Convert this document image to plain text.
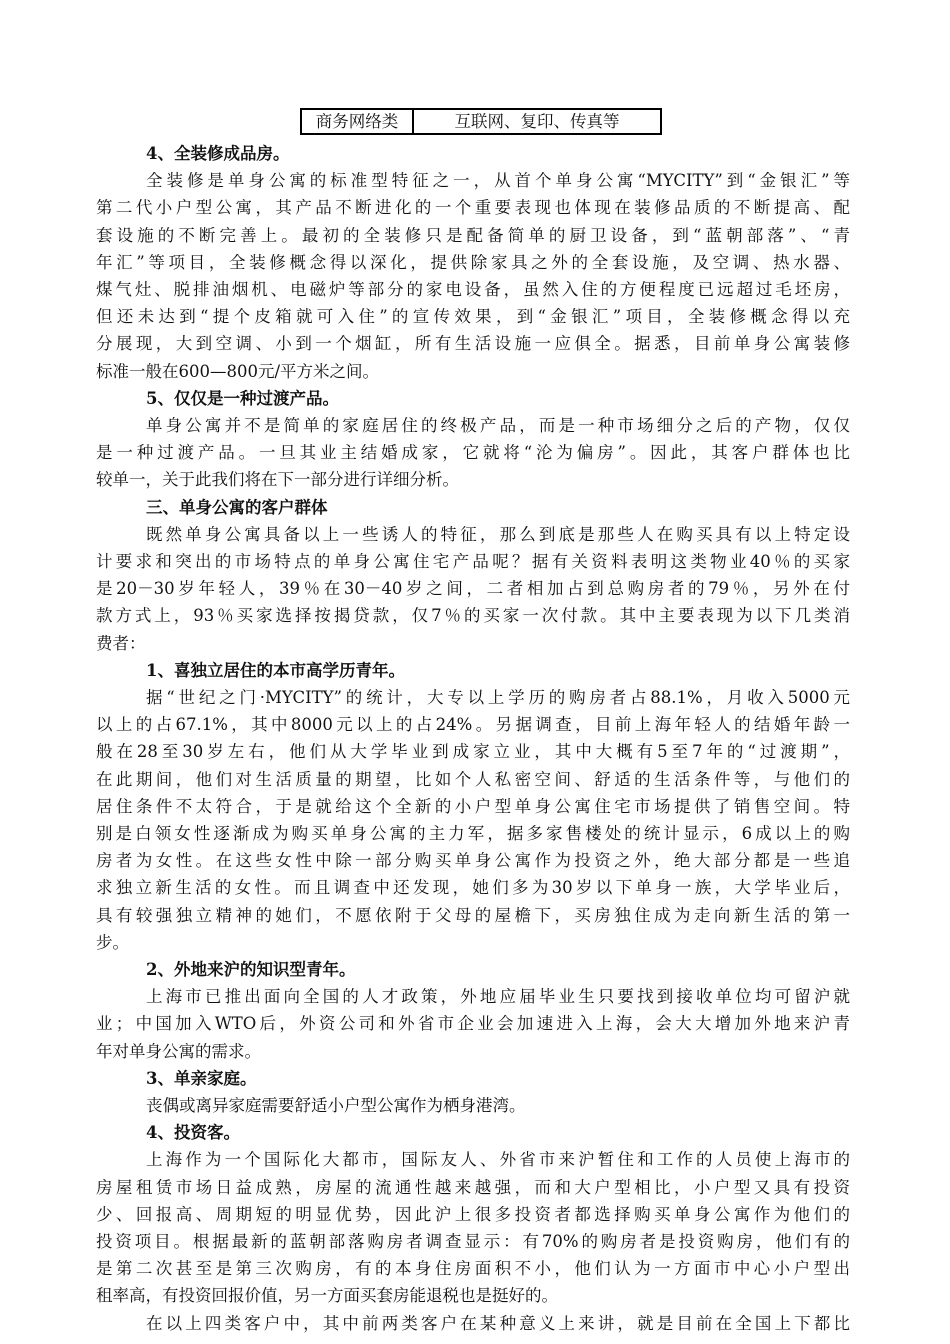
商务网络类	互联网、复印、传真等
4、全装修成品房。
全装修是单身公寓的标准型特征之一，从首个单身公寓“MYCITY”到“金银汇”等
第二代小户型公寓，其产品不断进化的一个重要表现也体现在装修品质的不断提高、配
套设施的不断完善上。最初的全装修只是配备简单的厨卫设备，到“蓝朝部落”、“青
年汇”等项目，全装修概念得以深化，提供除家具之外的全套设施，及空调、热水器、
煤气灶、脱排油烟机、电磁炉等部分的家电设备，虽然入住的方便程度已远超过毛坯房，
但还未达到“提个皮箱就可入住”的宣传效果，到“金银汇”项目，全装修概念得以充
分展现，大到空调、小到一个烟缸，所有生活设施一应俱全。据悉，目前单身公寓装修
标准一般在600—800元/平方米之间。
5、仅仅是一种过渡产品。
单身公寓并不是简单的家庭居住的终极产品，而是一种市场细分之后的产物，仅仅
是一种过渡产品。一旦其业主结婚成家，它就将“沦为偏房”。因此，其客户群体也比
较单一，关于此我们将在下一部分进行详细分析。
三、单身公寓的客户群体
既然单身公寓具备以上一些诱人的特征，那么到底是那些人在购买具有以上特定设
计要求和突出的市场特点的单身公寓住宅产品呢？据有关资料表明这类物业40％的买家
是20－30岁年轻人，39％在30－40岁之间，二者相加占到总购房者的79％，另外在付
款方式上，93％买家选择按揭贷款，仅7％的买家一次付款。其中主要表现为以下几类消
费者：
1、喜独立居住的本市高学历青年。
据“世纪之门·MYCITY”的统计，大专以上学历的购房者占88.1%，月收入5000元
以上的占67.1%，其中8000元以上的占24%。另据调查，目前上海年轻人的结婚年龄一
般在28至30岁左右，他们从大学毕业到成家立业，其中大概有5至7年的“过渡期”，
在此期间，他们对生活质量的期望，比如个人私密空间、舒适的生活条件等，与他们的
居住条件不太符合，于是就给这个全新的小户型单身公寓住宅市场提供了销售空间。特
别是白领女性逐渐成为购买单身公寓的主力军，据多家售楼处的统计显示，6成以上的购
房者为女性。在这些女性中除一部分购买单身公寓作为投资之外，绝大部分都是一些追
求独立新生活的女性。而且调查中还发现，她们多为30岁以下单身一族，大学毕业后，
具有较强独立精神的她们，不愿依附于父母的屋檐下，买房独住成为走向新生活的第一
步。
2、外地来沪的知识型青年。
上海市已推出面向全国的人才政策，外地应届毕业生只要找到接收单位均可留沪就
业；中国加入WTO后，外资公司和外省市企业会加速进入上海，会大大增加外地来沪青
年对单身公寓的需求。
3、单亲家庭。
丧偶或离异家庭需要舒适小户型公寓作为栖身港湾。
4、投资客。
上海作为一个国际化大都市，国际友人、外省市来沪暂住和工作的人员使上海市的
房屋租赁市场日益成熟，房屋的流通性越来越强，而和大户型相比，小户型又具有投资
少、回报高、周期短的明显优势，因此沪上很多投资者都选择购买单身公寓作为他们的
投资项目。根据最新的蓝朝部落购房者调查显示：有70%的购房者是投资购房，他们有的
是第二次甚至是第三次购房，有的本身住房面积不小，他们认为一方面市中心小户型出
租率高，有投资回报价值，另一方面买套房能退税也是挺好的。
在以上四类客户中，其中前两类客户在某种意义上来讲，就是目前在全国上下都比
